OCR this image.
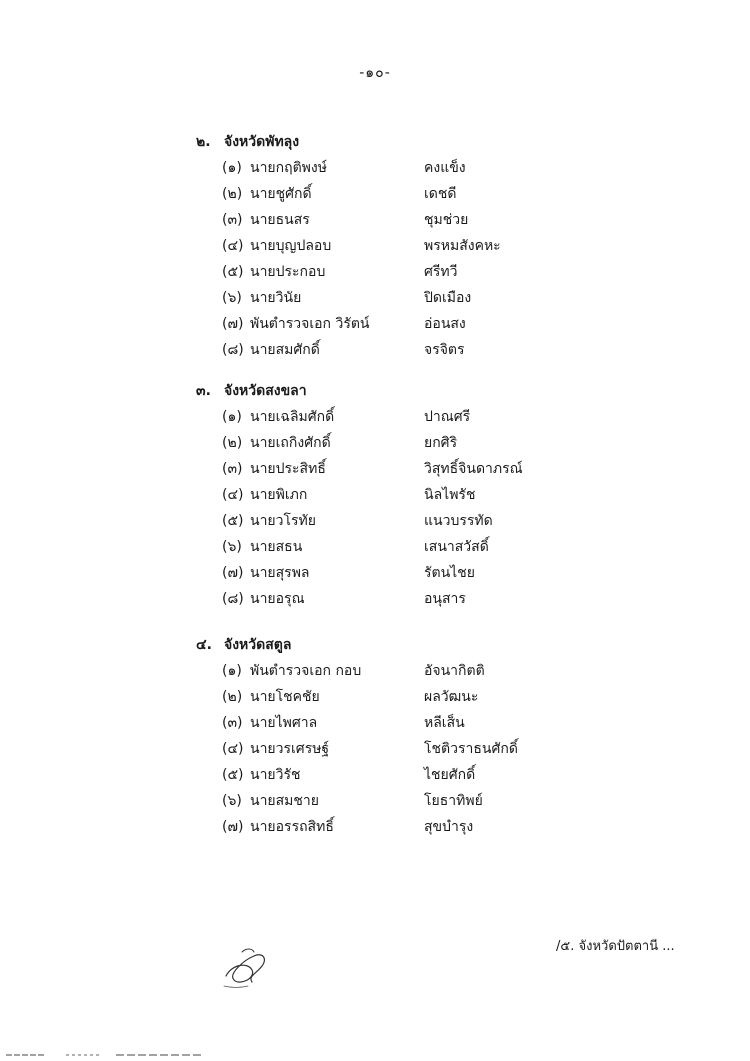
-๑๐-
๒. จังหวัดพัทลุง
(๑) นายกฤติพงษ์	คงแข็ง
(๒) นายชูศักดิ์	เดชดี
(๓) นายธนสร	ชุมช่วย
(๔) นายบุญปลอบ	พรหมสังคหะ
(๕) นายประกอบ	ศรีทวี
(๖) นายวินัย	ปิดเมือง
(๗) พันตำรวจเอก วิรัตน์	อ่อนสง
(๘) นายสมศักดิ์	จรจิตร
๓. จังหวัดสงขลา
(๑) นายเฉลิมศักดิ์	ปาณศรี
(๒) นายเถกิงศักดิ์	ยกศิริ
(๓) นายประสิทธิ์	วิสุทธิ์จินดาภรณ์
(๔) นายพิเภก	นิลไพรัช
(๕) นายวโรทัย	แนวบรรทัด
(๖) นายสธน	เสนาสวัสดิ์
(๗) นายสุรพล	รัตนไชย
(๘) นายอรุณ	อนุสาร
๔. จังหวัดสตูล
(๑) พันตำรวจเอก กอบ	อัจนากิตติ
(๒) นายโชคชัย	ผลวัฒนะ
(๓) นายไพศาล	หลีเส็น
(๔) นายวรเศรษฐ์	โชติวราธนศักดิ์
(๕) นายวิรัช	ไชยศักดิ์
(๖) นายสมชาย	โยธาทิพย์
(๗) นายอรรถสิทธิ์	สุขบำรุง
/๕. จังหวัดปัตตานี ...
